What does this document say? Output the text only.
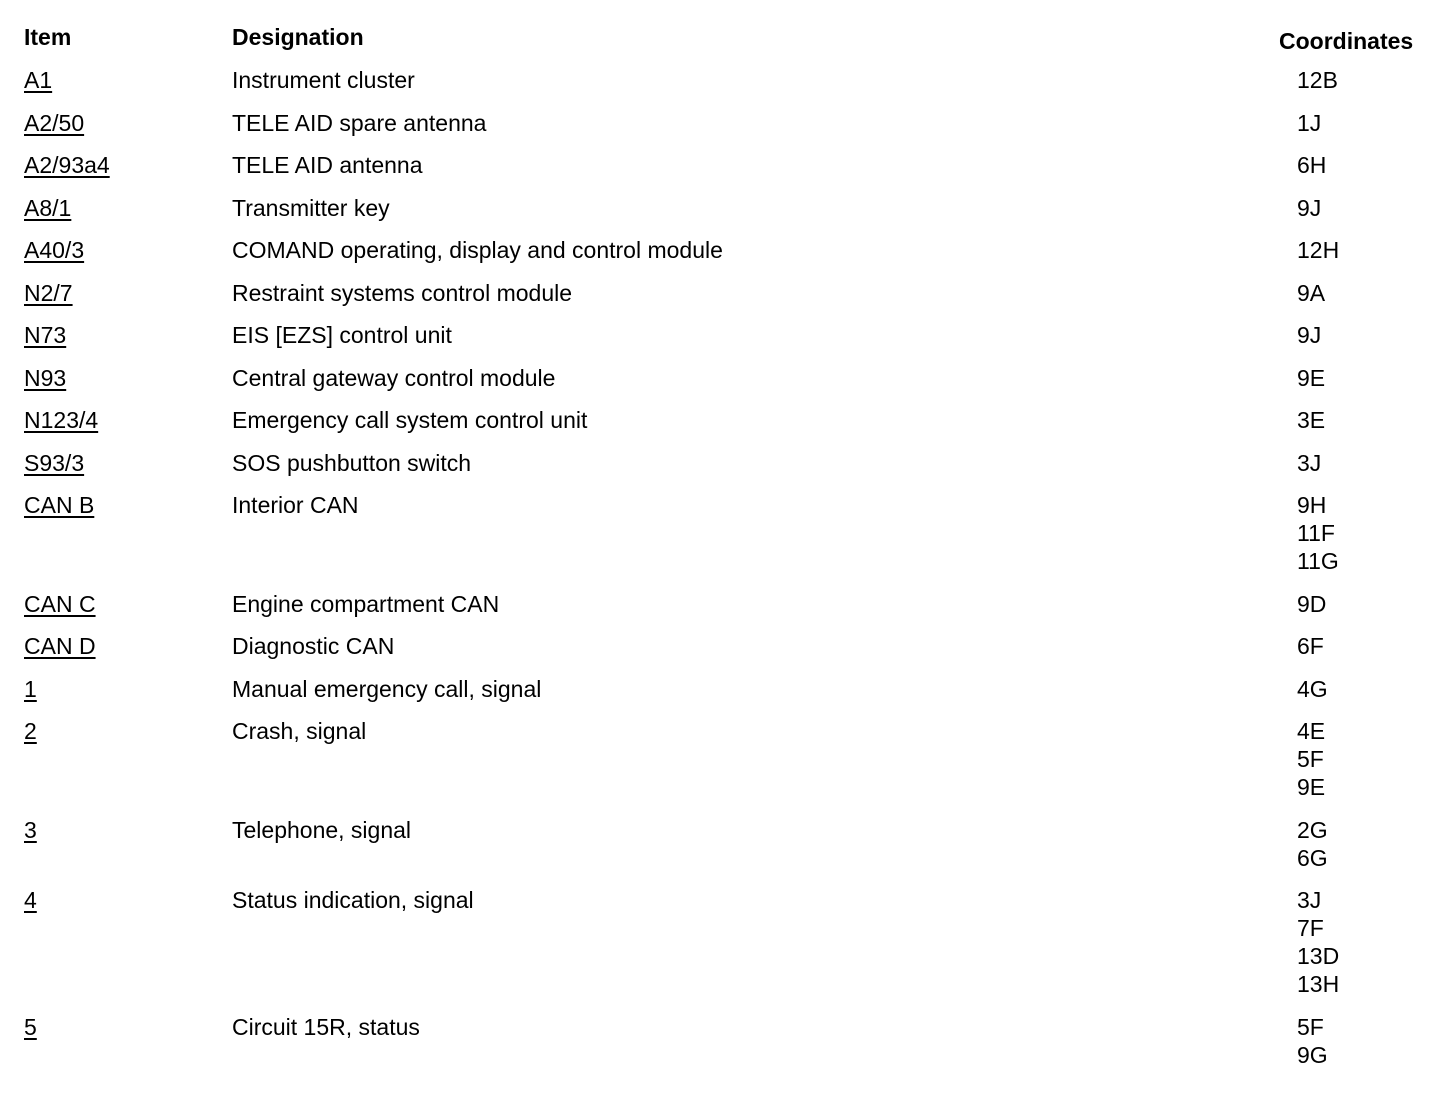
Item	Designation	Coordinates
A1	Instrument cluster	12B
A2/50	TELE AID spare antenna	1J
A2/93a4	TELE AID antenna	6H
A8/1	Transmitter key	9J
A40/3	COMAND operating, display and control module	12H
N2/7	Restraint systems control module	9A
N73	EIS [EZS] control unit	9J
N93	Central gateway control module	9E
N123/4	Emergency call system control unit	3E
S93/3	SOS pushbutton switch	3J
CAN B	Interior CAN	9H
11F
11G
CAN C	Engine compartment CAN	9D
CAN D	Diagnostic CAN	6F
1	Manual emergency call, signal	4G
2	Crash, signal	4E
5F
9E
3	Telephone, signal	2G
6G
4	Status indication, signal	3J
7F
13D
13H
5	Circuit 15R, status	5F
9G
